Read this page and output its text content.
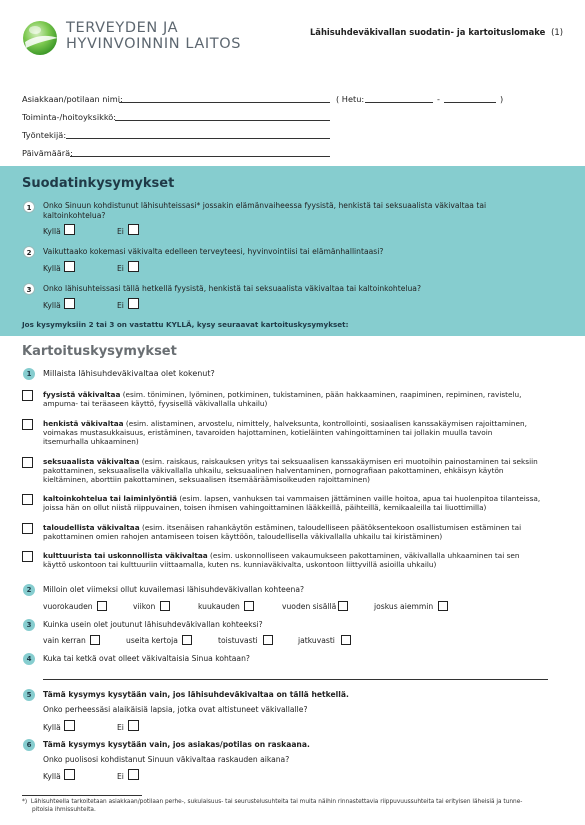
TERVEYDEN JA
HYVINVOINNIN LAITOS
Lähisuhdeväkivallan suodatin- ja kartoituslomake (1)
Asiakkaan/potilaan nimi:	( Hetu:	-	)
Toiminta-/hoitoyksikkö:
Työntekijä:
Päivämäärä:
Suodatinkysymykset
1	Onko Sinuun kohdistunut lähisuhteissasi* jossakin elämänvaiheessa fyysistä, henkistä tai seksuaalista väkivaltaa tai
kaltoinkohtelua?
Kyllä	Ei
2	Vaikuttaako kokemasi väkivalta edelleen terveyteesi, hyvinvointiisi tai elämänhallintaasi?
Kyllä	Ei
3	Onko lähisuhteissasi tällä hetkellä fyysistä, henkistä tai seksuaalista väkivaltaa tai kaltoinkohtelua?
Kyllä	Ei
Jos kysymyksiin 2 tai 3 on vastattu KYLLÄ, kysy seuraavat kartoituskysymykset:
Kartoituskysymykset
1	Millaista lähisuhdeväkivaltaa olet kokenut?
fyysistä väkivaltaa (esim. töniminen, lyöminen, potkiminen, tukistaminen, pään hakkaaminen, raapiminen, repiminen, ravistelu,
ampuma- tai teräaseen käyttö, fyysisellä väkivallalla uhkailu)
henkistä väkivaltaa (esim. alistaminen, arvostelu, nimittely, halveksunta, kontrollointi, sosiaalisen kanssakäymisen rajoittaminen,
voimakas mustasukkaisuus, eristäminen, tavaroiden hajottaminen, kotieläinten vahingoittaminen tai jollakin muulla tavoin
itsemurhalla uhkaaminen)
seksuaalista väkivaltaa (esim. raiskaus, raiskauksen yritys tai seksuaalisen kanssakäymisen eri muotoihin painostaminen tai seksiin
pakottaminen, seksuaalisella väkivallalla uhkailu, seksuaalinen halventaminen, pornografiaan pakottaminen, ehkäisyn käytön
kieltäminen, aborttiin pakottaminen, seksuaalisen itsemääräämisoikeuden rajoittaminen)
kaltoinkohtelua tai laiminlyöntiä (esim. lapsen, vanhuksen tai vammaisen jättäminen vaille hoitoa, apua tai huolenpitoa tilanteissa,
joissa hän on ollut niistä riippuvainen, toisen ihmisen vahingoittaminen lääkkeillä, päihteillä, kemikaaleilla tai liuottimilla)
taloudellista väkivaltaa (esim. itsenäisen rahankäytön estäminen, taloudelliseen päätöksentekoon osallistumisen estäminen tai
pakottaminen omien rahojen antamiseen toisen käyttöön, taloudellisella väkivallalla uhkailu tai kiristäminen)
kulttuurista tai uskonnollista väkivaltaa (esim. uskonnolliseen vakaumukseen pakottaminen, väkivallalla uhkaaminen tai sen
käyttö uskontoon tai kulttuuriin viittaamalla, kuten ns. kunniaväkivalta, uskontoon liittyvillä asioilla uhkailu)
2	Milloin olet viimeksi ollut kuvailemasi lähisuhdeväkivallan kohteena?
vuorokauden	viikon	kuukauden	vuoden sisällä	joskus aiemmin
3	Kuinka usein olet joutunut lähisuhdeväkivallan kohteeksi?
vain kerran	useita kertoja	toistuvasti	jatkuvasti
4	Kuka tai ketkä ovat olleet väkivaltaisia Sinua kohtaan?
5	Tämä kysymys kysytään vain, jos lähisuhdeväkivaltaa on tällä hetkellä.
Onko perheessäsi alaikäisiä lapsia, jotka ovat altistuneet väkivallalle?
Kyllä	Ei
6	Tämä kysymys kysytään vain, jos asiakas/potilas on raskaana.
Onko puolisosi kohdistanut Sinuun väkivaltaa raskauden aikana?
Kyllä	Ei
*) Lähisuhteella tarkoitetaan asiakkaan/potilaan perhe-, sukulaisuus- tai seurustelusuhteita tai muita näihin rinnastettavia riippuvuussuhteita tai erityisen läheisiä ja tunne-
pitoisia ihmissuhteita.
